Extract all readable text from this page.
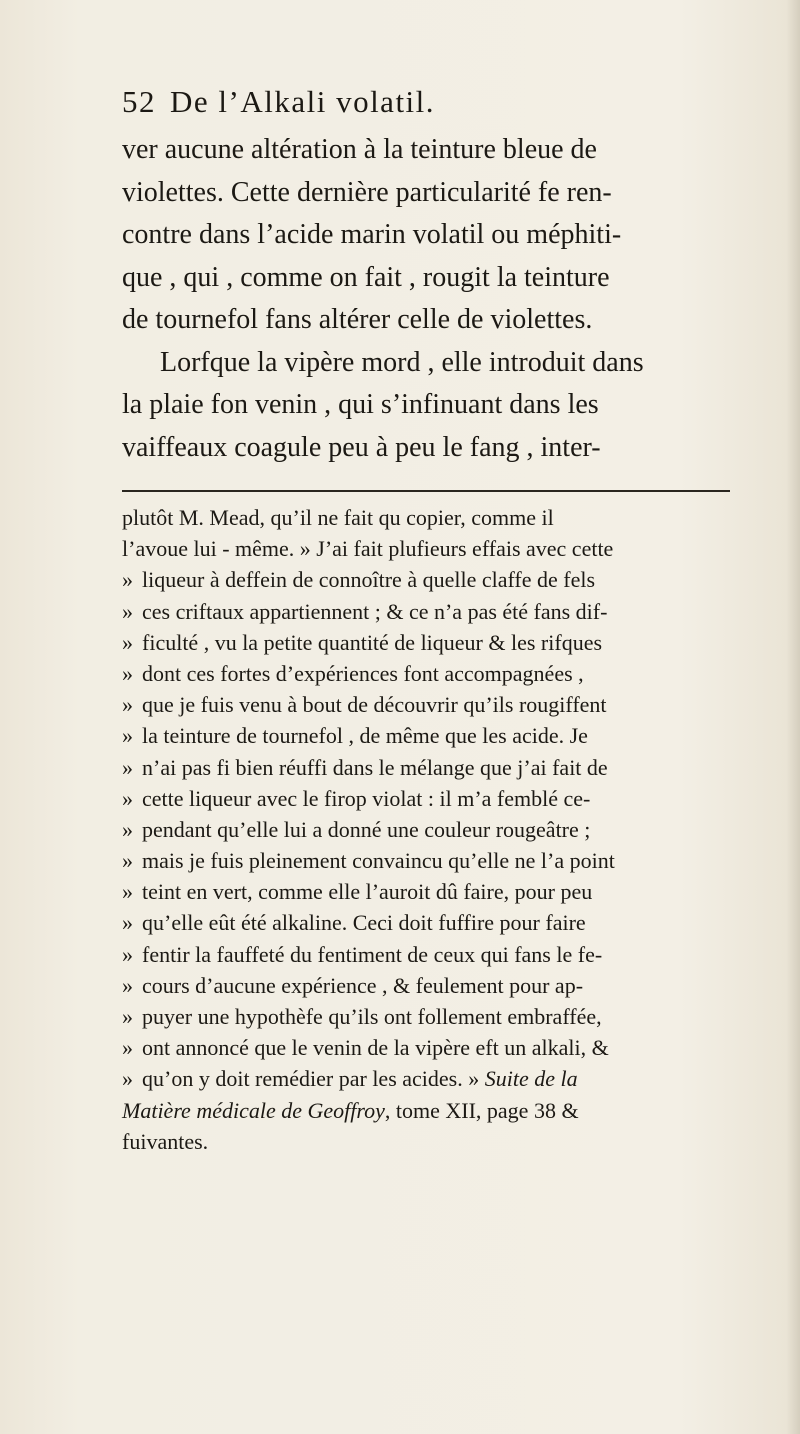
52 De l’Alkali volatil.
ver aucune altération à la teinture bleue de
violettes. Cette dernière particularité fe ren-
contre dans l’acide marin volatil ou méphiti-
que , qui , comme on fait , rougit la teinture
de tournefol fans altérer celle de violettes.
Lorfque la vipère mord , elle introduit dans
la plaie fon venin , qui s’infinuant dans les
vaiffeaux coagule peu à peu le fang , inter-
plutôt M. Mead, qu’il ne fait qu copier, comme il
l’avoue lui - même. » J’ai fait plufieurs effais avec cette
» liqueur à deffein de connoître à quelle claffe de fels
» ces criftaux appartiennent ; & ce n’a pas été fans dif-
» ficulté , vu la petite quantité de liqueur & les rifques
» dont ces fortes d’expériences font accompagnées ,
» que je fuis venu à bout de découvrir qu’ils rougiffent
» la teinture de tournefol , de même que les acide. Je
» n’ai pas fi bien réuffi dans le mélange que j’ai fait de
» cette liqueur avec le firop violat : il m’a femblé ce-
» pendant qu’elle lui a donné une couleur rougeâtre ;
» mais je fuis pleinement convaincu qu’elle ne l’a point
» teint en vert, comme elle l’auroit dû faire, pour peu
» qu’elle eût été alkaline. Ceci doit fuffire pour faire
» fentir la fauffeté du fentiment de ceux qui fans le fe-
» cours d’aucune expérience , & feulement pour ap-
» puyer une hypothèfe qu’ils ont follement embraffée,
» ont annoncé que le venin de la vipère eft un alkali, &
» qu’on y doit remédier par les acides. » Suite de la
Matière médicale de Geoffroy, tome XII, page 38 &
fuivantes.
